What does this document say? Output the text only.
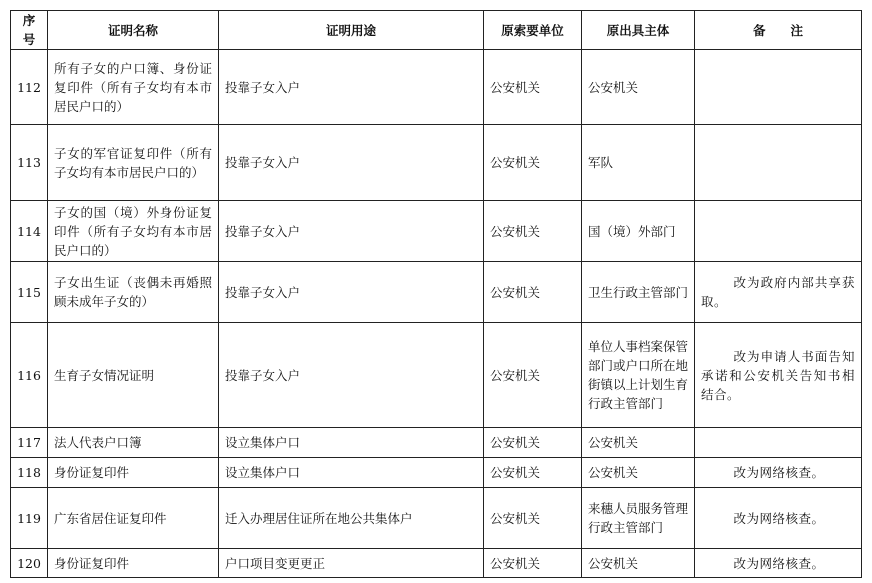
序号	证明名称	证明用途	原索要单位	原出具主体	备　　注
112	所有子女的户口簿、身份证复印件（所有子女均有本市居民户口的）	投靠子女入户	公安机关	公安机关	
113	子女的军官证复印件（所有子女均有本市居民户口的）	投靠子女入户	公安机关	军队	
114	子女的国（境）外身份证复印件（所有子女均有本市居民户口的）	投靠子女入户	公安机关	国（境）外部门	
115	子女出生证（丧偶未再婚照顾未成年子女的）	投靠子女入户	公安机关	卫生行政主管部门	改为政府内部共享获取。
116	生育子女情况证明	投靠子女入户	公安机关	单位人事档案保管部门或户口所在地街镇以上计划生育行政主管部门	改为申请人书面告知承诺和公安机关告知书相结合。
117	法人代表户口簿	设立集体户口	公安机关	公安机关	
118	身份证复印件	设立集体户口	公安机关	公安机关	改为网络核查。
119	广东省居住证复印件	迁入办理居住证所在地公共集体户	公安机关	来穗人员服务管理行政主管部门	改为网络核查。
120	身份证复印件	户口项目变更更正	公安机关	公安机关	改为网络核查。
